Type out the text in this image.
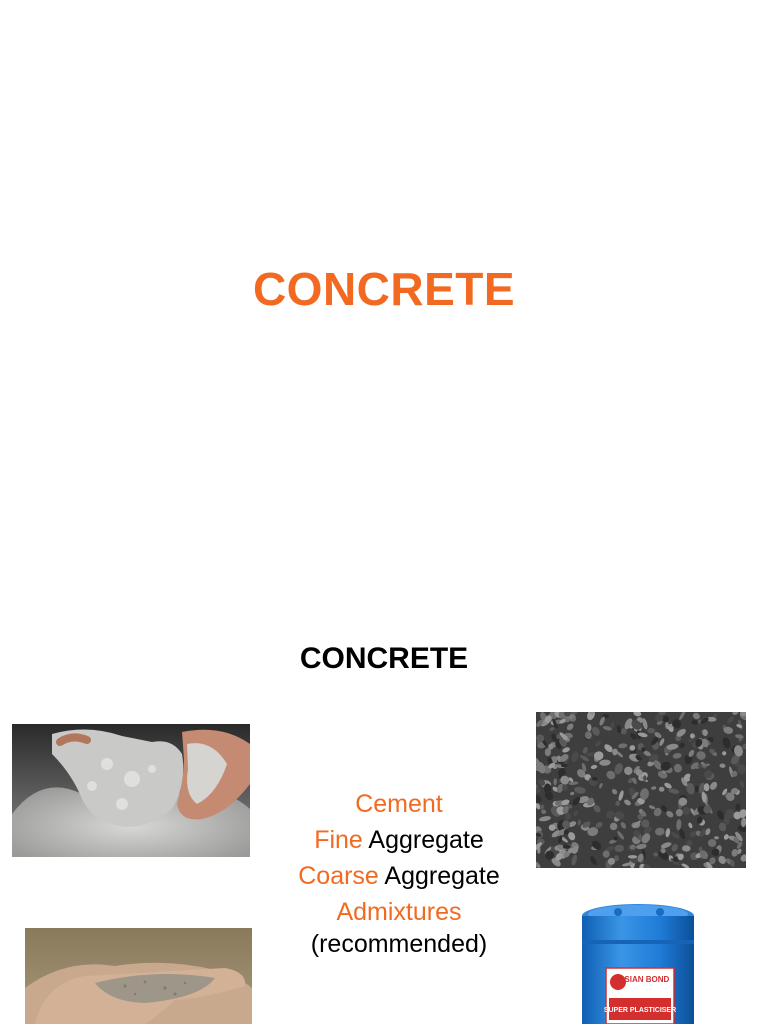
CONCRETE
CONCRETE
Cement
Fine Aggregate
Coarse Aggregate
Admixtures
(recommended)
ASIAN BOND
SUPER PLASTICISER
